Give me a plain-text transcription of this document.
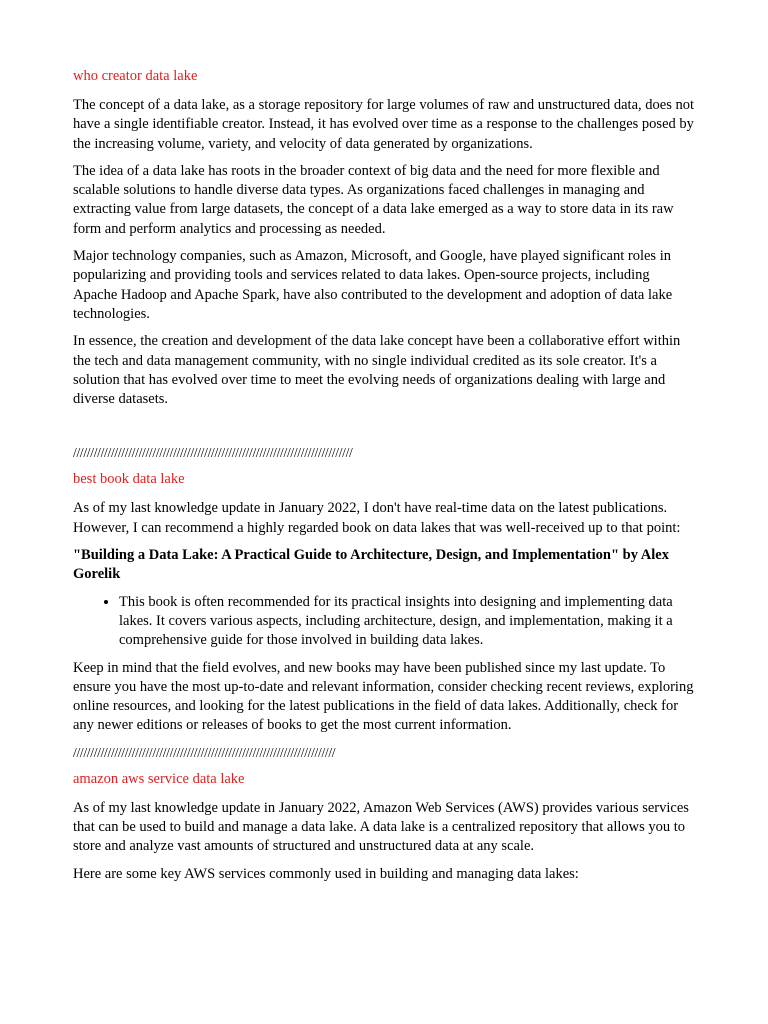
who creator data lake

The concept of a data lake, as a storage repository for large volumes of raw and unstructured data, does not have a single identifiable creator. Instead, it has evolved over time as a response to the challenges posed by the increasing volume, variety, and velocity of data generated by organizations.

The idea of a data lake has roots in the broader context of big data and the need for more flexible and scalable solutions to handle diverse data types. As organizations faced challenges in managing and extracting value from large datasets, the concept of a data lake emerged as a way to store data in its raw form and perform analytics and processing as needed.

Major technology companies, such as Amazon, Microsoft, and Google, have played significant roles in popularizing and providing tools and services related to data lakes. Open-source projects, including Apache Hadoop and Apache Spark, have also contributed to the development and adoption of data lake technologies.

In essence, the creation and development of the data lake concept have been a collaborative effort within the tech and data management community, with no single individual credited as its sole creator. It's a solution that has evolved over time to meet the evolving needs of organizations dealing with large and diverse datasets.

/////////////////////////////////////////////////////////////////////////////////
best book data lake

As of my last knowledge update in January 2022, I don't have real-time data on the latest publications. However, I can recommend a highly regarded book on data lakes that was well-received up to that point:

"Building a Data Lake: A Practical Guide to Architecture, Design, and Implementation" by Alex Gorelik

• This book is often recommended for its practical insights into designing and implementing data lakes. It covers various aspects, including architecture, design, and implementation, making it a comprehensive guide for those involved in building data lakes.

Keep in mind that the field evolves, and new books may have been published since my last update. To ensure you have the most up-to-date and relevant information, consider checking recent reviews, exploring online resources, and looking for the latest publications in the field of data lakes. Additionally, check for any newer editions or releases of books to get the most current information.

////////////////////////////////////////////////////////////////////////////
amazon aws service data lake

As of my last knowledge update in January 2022, Amazon Web Services (AWS) provides various services that can be used to build and manage a data lake. A data lake is a centralized repository that allows you to store and analyze vast amounts of structured and unstructured data at any scale.

Here are some key AWS services commonly used in building and managing data lakes:
